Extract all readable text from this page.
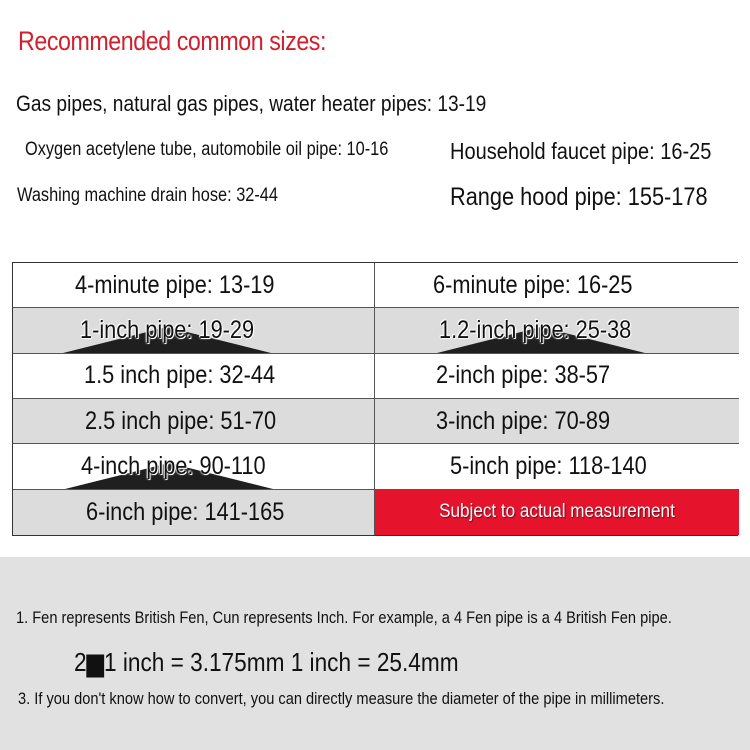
Recommended common sizes:
Gas pipes, natural gas pipes, water heater pipes: 13-19
Oxygen acetylene tube, automobile oil pipe: 10-16	Household faucet pipe: 16-25
Washing machine drain hose: 32-44	Range hood pipe: 155-178
4-minute pipe: 13-19	6-minute pipe: 16-25
1-inch pipe: 19-29	1.2-inch pipe: 25-38
1.5 inch pipe: 32-44	2-inch pipe: 38-57
2.5 inch pipe: 51-70	3-inch pipe: 70-89
4-inch pipe: 90-110	5-inch pipe: 118-140
6-inch pipe: 141-165	Subject to actual measurement
1. Fen represents British Fen, Cun represents Inch. For example, a 4 Fen pipe is a 4 British Fen pipe.
2▆1 inch = 3.175mm 1 inch = 25.4mm
3. If you don't know how to convert, you can directly measure the diameter of the pipe in millimeters.
